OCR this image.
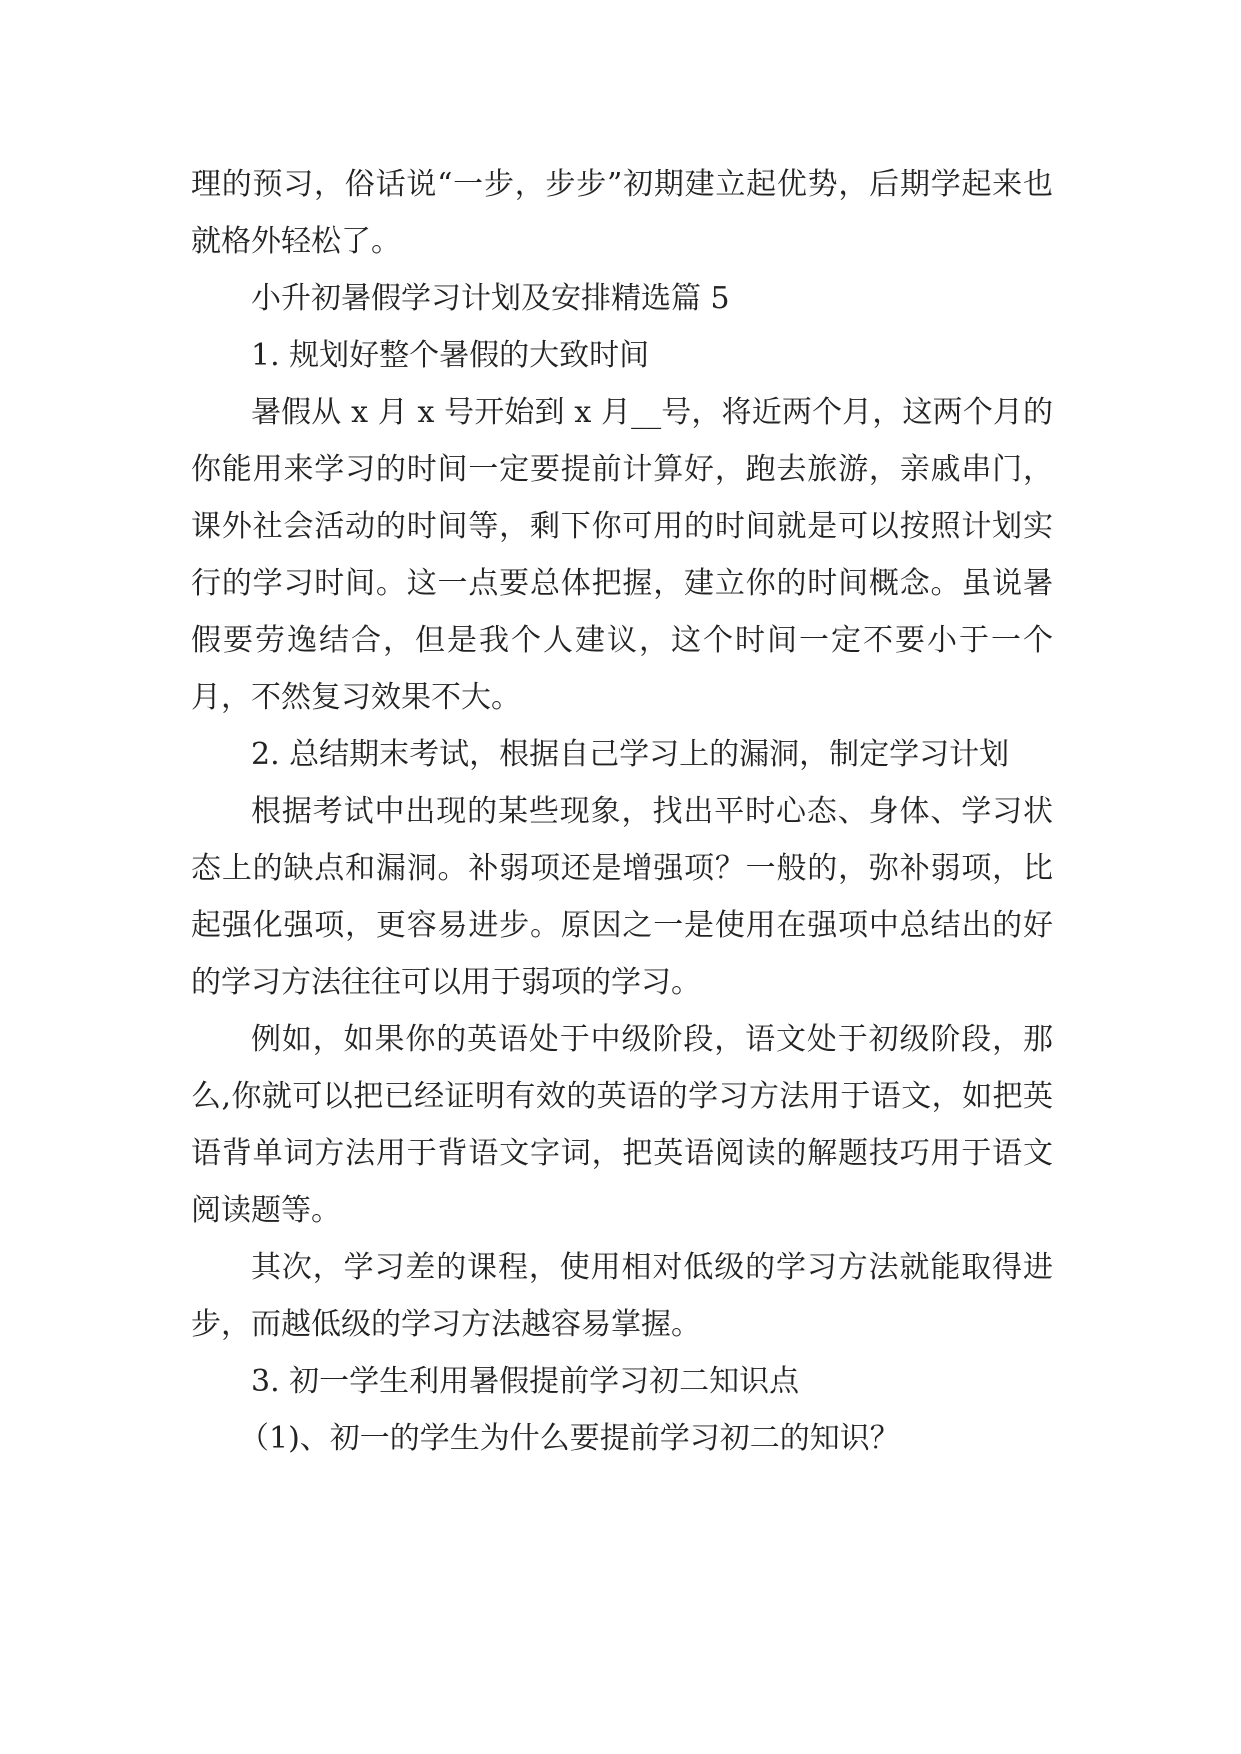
理的预习，俗话说“一步，步步”初期建立起优势，后期学起来也就格外轻松了。

小升初暑假学习计划及安排精选篇 5

1. 规划好整个暑假的大致时间

暑假从 x 月 x 号开始到 x 月__号，将近两个月，这两个月的你能用来学习的时间一定要提前计算好，跑去旅游，亲戚串门，课外社会活动的时间等，剩下你可用的时间就是可以按照计划实行的学习时间。这一点要总体把握，建立你的时间概念。虽说暑假要劳逸结合，但是我个人建议，这个时间一定不要小于一个月，不然复习效果不大。

2. 总结期末考试，根据自己学习上的漏洞，制定学习计划

根据考试中出现的某些现象，找出平时心态、身体、学习状态上的缺点和漏洞。补弱项还是增强项？一般的，弥补弱项，比起强化强项，更容易进步。原因之一是使用在强项中总结出的好的学习方法往往可以用于弱项的学习。

例如，如果你的英语处于中级阶段，语文处于初级阶段，那么,你就可以把已经证明有效的英语的学习方法用于语文，如把英语背单词方法用于背语文字词，把英语阅读的解题技巧用于语文阅读题等。

其次，学习差的课程，使用相对低级的学习方法就能取得进步，而越低级的学习方法越容易掌握。

3. 初一学生利用暑假提前学习初二知识点

（1)、初一的学生为什么要提前学习初二的知识？
